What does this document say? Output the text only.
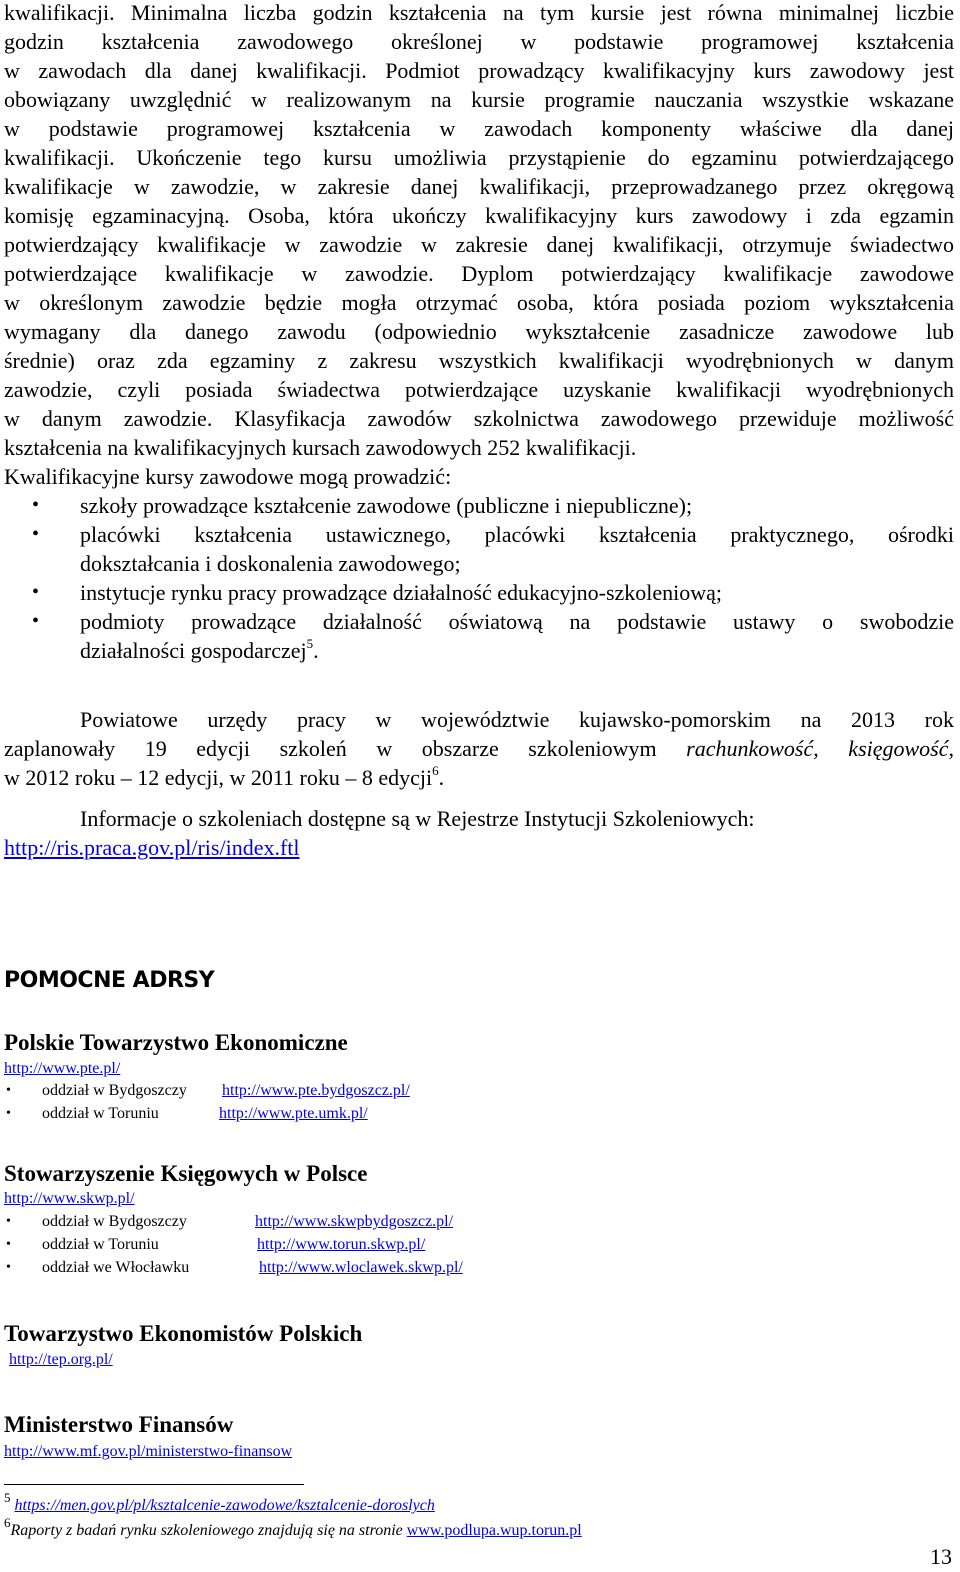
kwalifikacji. Minimalna liczba godzin kształcenia na tym kursie jest równa minimalnej liczbie
godzin kształcenia zawodowego określonej w podstawie programowej kształcenia
w zawodach dla danej kwalifikacji. Podmiot prowadzący kwalifikacyjny kurs zawodowy jest
obowiązany uwzględnić w realizowanym na kursie programie nauczania wszystkie wskazane
w podstawie programowej kształcenia w zawodach komponenty właściwe dla danej
kwalifikacji. Ukończenie tego kursu umożliwia przystąpienie do egzaminu potwierdzającego
kwalifikacje w zawodzie, w zakresie danej kwalifikacji, przeprowadzanego przez okręgową
komisję egzaminacyjną. Osoba, która ukończy kwalifikacyjny kurs zawodowy i zda egzamin
potwierdzający kwalifikacje w zawodzie w zakresie danej kwalifikacji, otrzymuje świadectwo
potwierdzające kwalifikacje w zawodzie. Dyplom potwierdzający kwalifikacje zawodowe
w określonym zawodzie będzie mogła otrzymać osoba, która posiada poziom wykształcenia
wymagany dla danego zawodu (odpowiednio wykształcenie zasadnicze zawodowe lub
średnie) oraz zda egzaminy z zakresu wszystkich kwalifikacji wyodrębnionych w danym
zawodzie, czyli posiada świadectwa potwierdzające uzyskanie kwalifikacji wyodrębnionych
w danym zawodzie. Klasyfikacja zawodów szkolnictwa zawodowego przewiduje możliwość
kształcenia na kwalifikacyjnych kursach zawodowych 252 kwalifikacji.
Kwalifikacyjne kursy zawodowe mogą prowadzić:
• szkoły prowadzące kształcenie zawodowe (publiczne i niepubliczne);
• placówki kształcenia ustawicznego, placówki kształcenia praktycznego, ośrodki
dokształcania i doskonalenia zawodowego;
• instytucje rynku pracy prowadzące działalność edukacyjno-szkoleniową;
• podmioty prowadzące działalność oświatową na podstawie ustawy o swobodzie
działalności gospodarczej$^5$.
Powiatowe urzędy pracy w województwie kujawsko-pomorskim na 2013 rok
zaplanowały 19 edycji szkoleń w obszarze szkoleniowym rachunkowość, księgowość,
w 2012 roku – 12 edycji, w 2011 roku – 8 edycji$^6$.
Informacje o szkoleniach dostępne są w Rejestrze Instytucji Szkoleniowych:
http://ris.praca.gov.pl/ris/index.ftl
POMOCNE ADRSY
Polskie Towarzystwo Ekonomiczne
http://www.pte.pl/
• oddział w Bydgoszczy http://www.pte.bydgoszcz.pl/
• oddział w Toruniu	http://www.pte.umk.pl/
Stowarzyszenie Księgowych w Polsce
http://www.skwp.pl/
• oddział w Bydgoszczy	http://www.skwpbydgoszcz.pl/
• oddział w Toruniu	http://www.torun.skwp.pl/
• oddział we Włocławku	http://www.wloclawek.skwp.pl/
Towarzystwo Ekonomistów Polskich
http://tep.org.pl/
Ministerstwo Finansów
http://www.mf.gov.pl/ministerstwo-finansow
$^5$ https://men.gov.pl/pl/ksztalcenie-zawodowe/ksztalcenie-doroslych
$^6$Raporty z badań rynku szkoleniowego znajdują się na stronie www.podlupa.wup.torun.pl
13
